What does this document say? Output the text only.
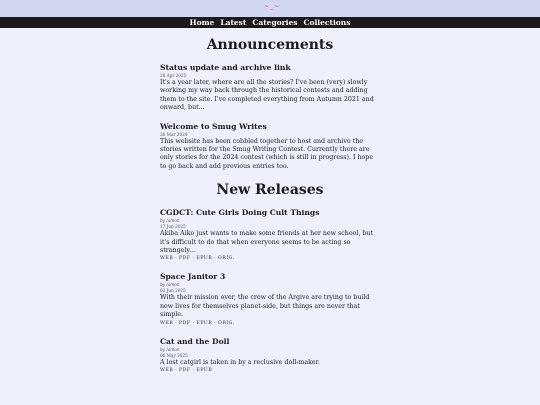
~_~
Home Latest Categories Collections
Announcements
Status update and archive link
28 Apr 2025

It's a year later, where are all the stories? I've been (very) slowly working my way back through the historical contests and adding them to the site. I've completed everything from Autumn 2021 and onward, but...

Welcome to Smug Writes
26 Mar 2024

This website has been cobbled together to host and archive the stories written for the Smug Writing Contest. Currently there are only stories for the 2024 contest (which is still in progress). I hope to go back and add previous entries too.

New Releases
CGDCT: Cute Girls Doing Cult Things
by /a/non
17 Jun 2025

Akiba Aiko just wants to make some friends at her new school, but it's difficult to do that when everyone seems to be acting so strangely...

WEB · PDF · EPUB · ORIG.
Space Janitor 3
by /a/non
02 Jun 2025

With their mission over, the crew of the Argive are trying to build new lives for themselves planet-side, but things are never that simple.

WEB · PDF · EPUB · ORIG.
Cat and the Doll
by /a/non
06 May 2025

A lost catgirl is taken in by a reclusive doll-maker.

WEB · PDF · EPUB
